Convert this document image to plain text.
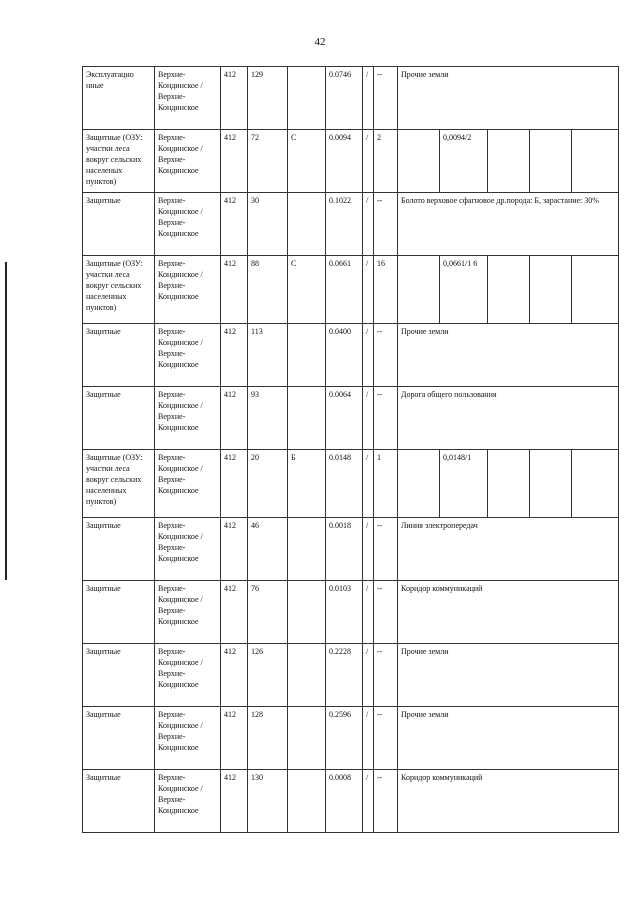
42
Эксплуатацио нные	Верхне-Кондинское / Верхне-Кондинское	412	129		0.0746	/	--	Прочие земли				
Защитные (ОЗУ: участки леса вокруг сельских населеных пунктов)	Верхне-Кондинское / Верхне-Кондинское	412	72	С	0.0094	/	2		0,0094/2			
Защитные	Верхне-Кондинское / Верхне-Кондинское	412	30		0.1022	/	--	Болото верховое сфагновое др.порода: Б, зарастание: 30%				
Защитные (ОЗУ: участки леса вокруг сельских населенных пунктов)	Верхне-Кондинское / Верхне-Кондинское	412	88	С	0.0661	/	16		0,0661/1 6			
Защитные	Верхне-Кондинское / Верхне-Кондинское	412	113		0.0400	/	--	Прочие земли				
Защитные	Верхне-Кондинское / Верхне-Кондинское	412	93		0.0064	/	--	Дорога общего пользования				
Защитные (ОЗУ: участки леса вокруг сельских населенных пунктов)	Верхне-Кондинское / Верхне-Кондинское	412	20	Б	0.0148	/	1		0,0148/1			
Защитные	Верхне-Кондинское / Верхне-Кондинское	412	46		0.0018	/	--	Линия электропередач				
Защитные	Верхне-Кондинское / Верхне-Кондинское	412	76		0.0103	/	--	Коридор коммуникаций				
Защитные	Верхне-Кондинское / Верхне-Кондинское	412	126		0.2228	/	--	Прочие земли				
Защитные	Верхне-Кондинское / Верхне-Кондинское	412	128		0.2596	/	--	Прочие земли				
Защитные	Верхне-Кондинское / Верхне-Кондинское	412	130		0.0008	/	--	Коридор коммуникаций				
